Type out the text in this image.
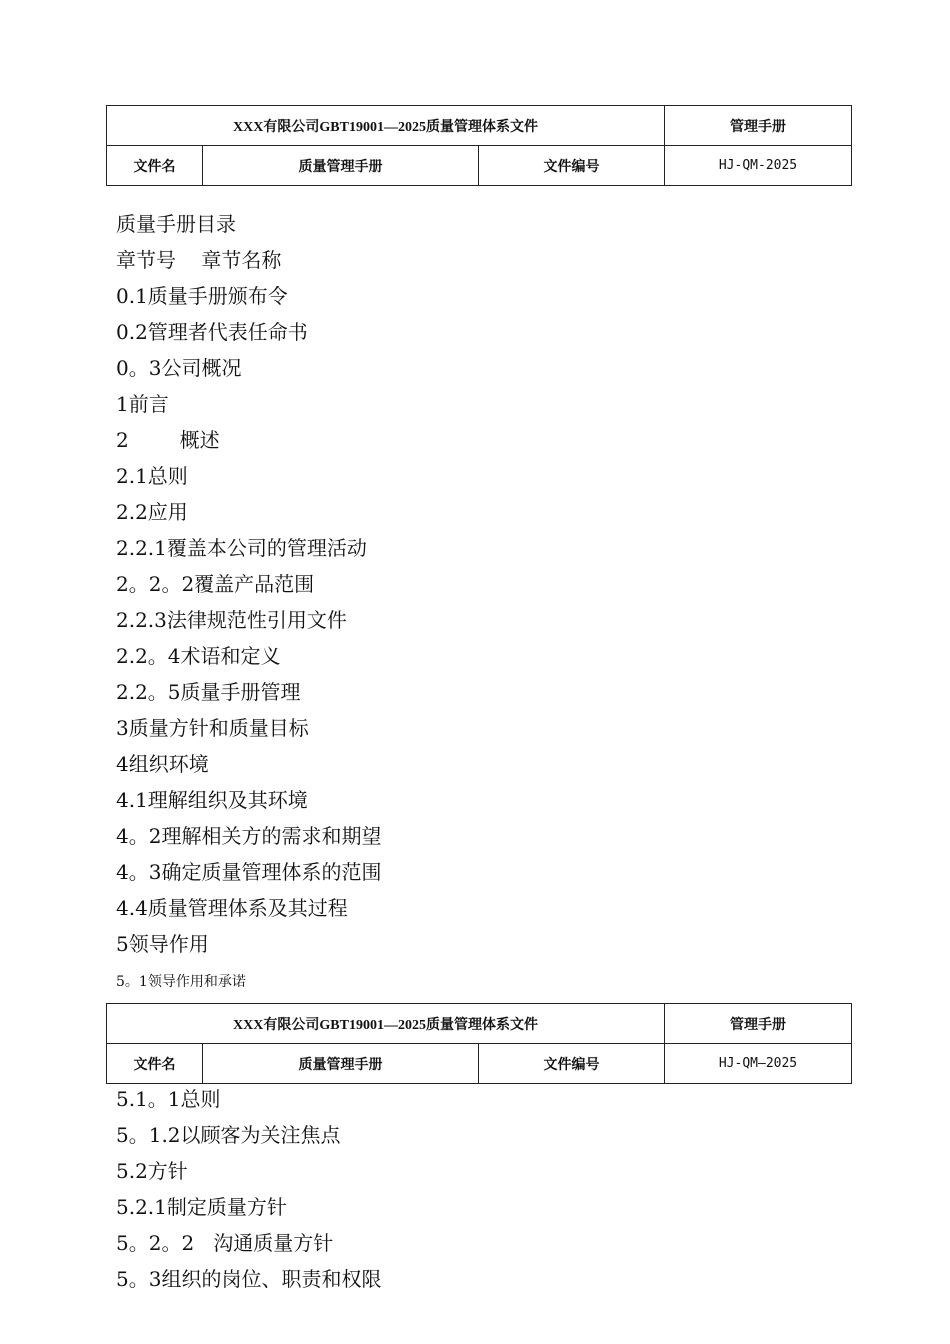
XXX有限公司GBT19001—2025质量管理体系文件			管理手册
文件名	质量管理手册	文件编号	HJ-QM-2025
质量手册目录
章节号    章节名称
0.1质量手册颁布令
0.2管理者代表任命书
0。3公司概况
1前言
2        概述
2.1总则
2.2应用
2.2.1覆盖本公司的管理活动
2。2。2覆盖产品范围
2.2.3法律规范性引用文件
2.2。4术语和定义
2.2。5质量手册管理
3质量方针和质量目标
4组织环境
4.1理解组织及其环境
4。2理解相关方的需求和期望
4。3确定质量管理体系的范围
4.4质量管理体系及其过程
5领导作用
5。1领导作用和承诺
XXX有限公司GBT19001—2025质量管理体系文件			管理手册
文件名	质量管理手册	文件编号	HJ-QM—2025
5.1。1总则
5。1.2以顾客为关注焦点
5.2方针
5.2.1制定质量方针
5。2。2   沟通质量方针
5。3组织的岗位、职责和权限
